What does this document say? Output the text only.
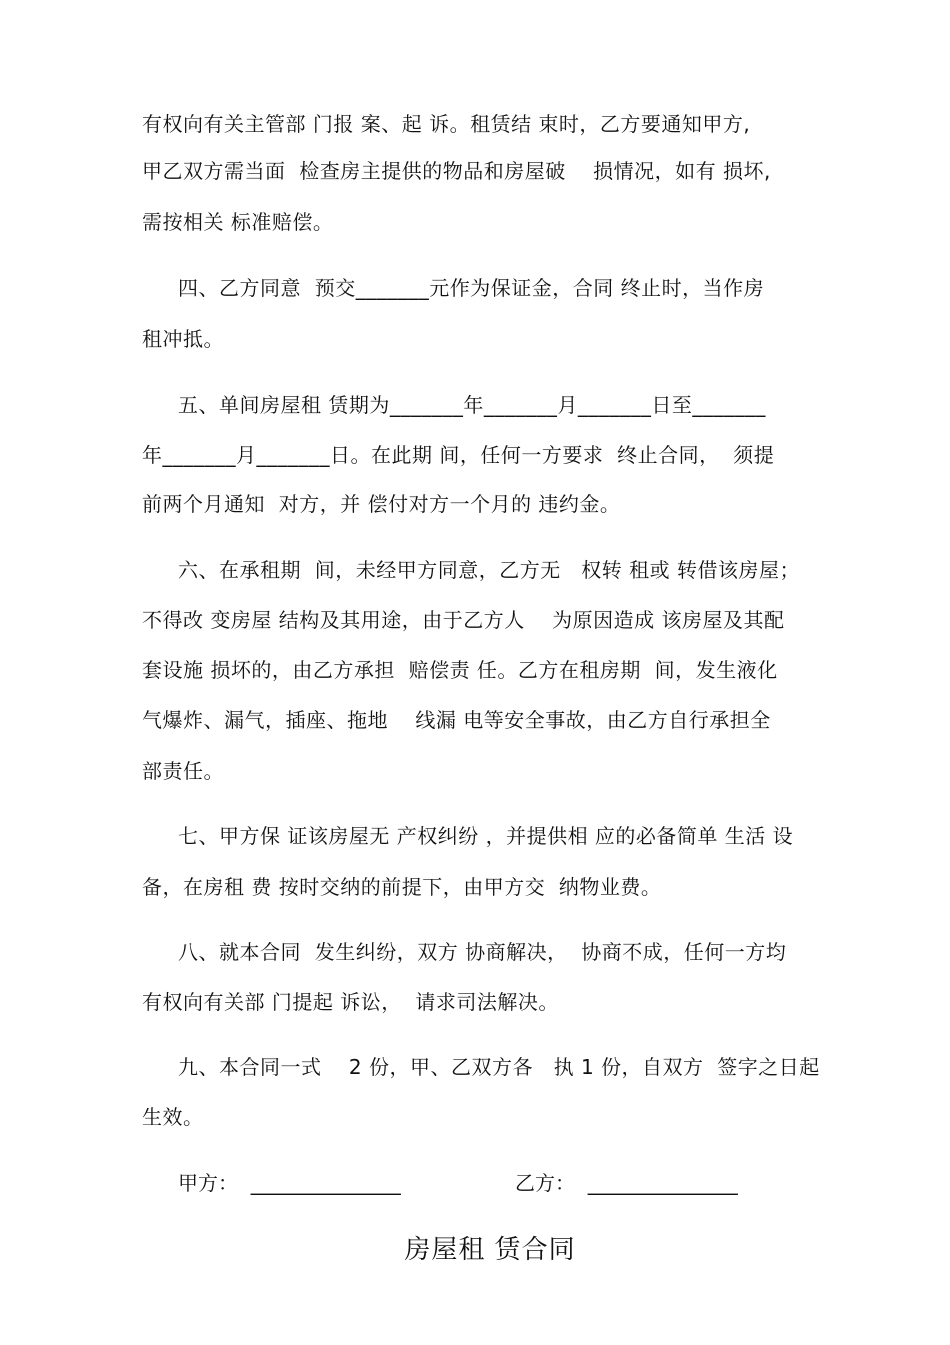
有权向有关主管部 门报 案、起 诉。租赁结 束时，乙方要通知甲方,
甲乙双方需当面  检查房主提供的物品和房屋破    损情况，如有 损坏,
需按相关 标准赔偿。
四、乙方同意  预交_______元作为保证金，合同 终止时，当作房
租冲抵。
五、单间房屋租 赁期为_______年_______月_______日至_______
年_______月_______日。在此期 间，任何一方要求  终止合同，  须提
前两个月通知  对方，并 偿付对方一个月的 违约金。
六、在承租期  间，未经甲方同意，乙方无   权转 租或 转借该房屋；
不得改 变房屋 结构及其用途，由于乙方人    为原因造成 该房屋及其配
套设施 损坏的，由乙方承担  赔偿责 任。乙方在租房期  间，发生液化
气爆炸、漏气，插座、拖地    线漏 电等安全事故，由乙方自行承担全
部责任。
七、甲方保 证该房屋无 产权纠纷 ，并提供相 应的必备简单 生活 设
备，在房租 费 按时交纳的前提下，由甲方交  纳物业费。
八、就本合同  发生纠纷，双方 协商解决，  协商不成，任何一方均
有权向有关部 门提起 诉讼，  请求司法解决。
九、本合同一式    2 份，甲、乙双方各   执 1 份，自双方  签字之日起
生效。
甲方：  _______________	乙方：  _______________
房屋租 赁合同
